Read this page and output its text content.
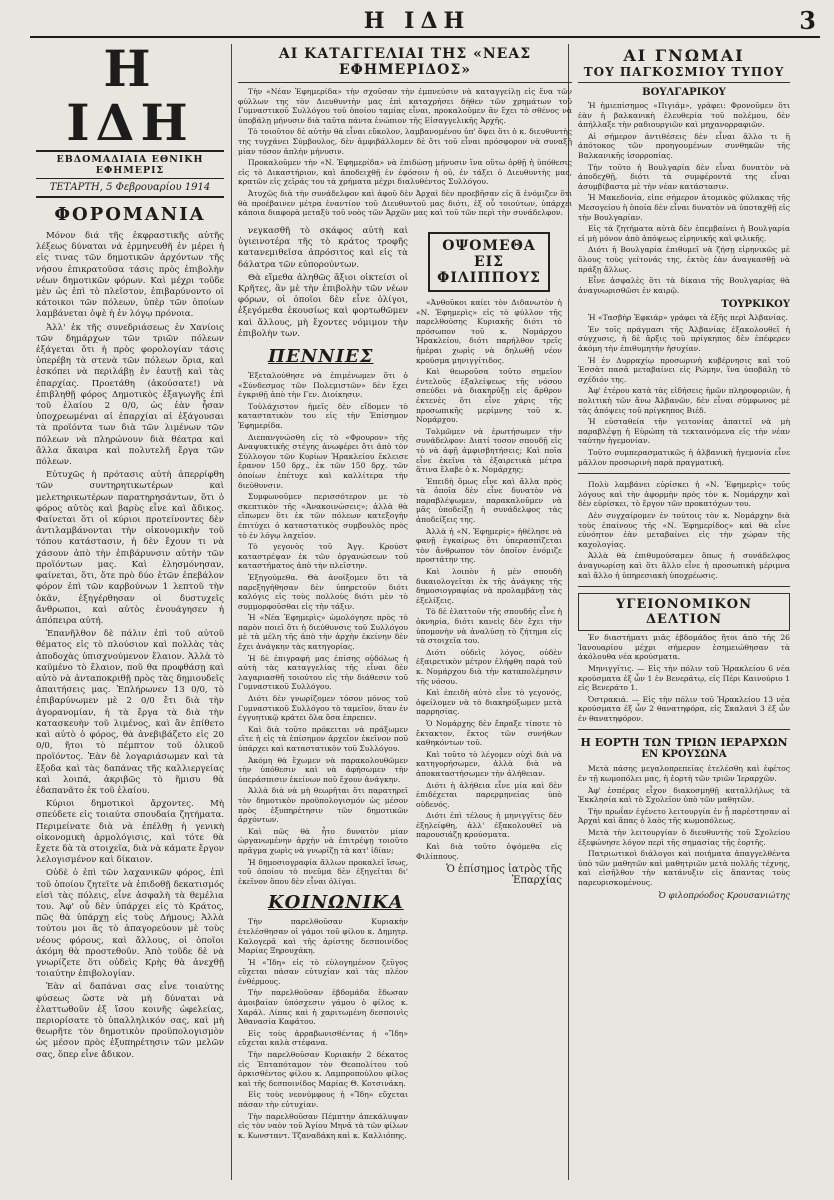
Η ΙΔΗ	3
Η ΙΔΗ
ΕΒΔΟΜΑΔΙΑΙΑ ΕΘΝΙΚΗ ΕΦΗΜΕΡΙΣ
ΤΕΤΑΡΤΗ, 5 Φεβρουαρίου 1914
ΦΟΡΟΜΑΝΙΑ

Μόνον διά τῆς ἐκφραστικῆς αὐτῆς λέξεως δύναται νά ἑρμηνευθῆ ἐν μέρει ἡ εἰς τινας τῶν δημοτικῶν ἀρχόντων τῆς νήσου ἐπικρατοῦσα τάσις πρὸς ἐπιβολὴν νέων δημοτικῶν φόρων. Καὶ μέχρι τοῦδε μὲν ὡς ἐπὶ τὸ πλεῖστον, ἐπιβαρύνοντο οἱ κάτοικοι τῶν πόλεων, ὑπὲρ τῶν ὁποίων λαμβάνεται ὀψὲ ἡ ἐν λόγῳ πρόνοια.

Ἀλλ' ἐκ τῆς συνεδριάσεως ἐν Χανίοις τῶν δημάρχων τῶν τριῶν πόλεων ἐξάγεται ὅτι ἡ πρὸς φορολογίαν τάσις ὑπερέβη τὰ στενὰ τῶν πόλεων ὅρια, καὶ ἐσκόπει νὰ περιλάβῃ ἐν ἑαυτῇ καὶ τὰς ἐπαρχίας. Προετάθη (ἀκούσατε!) νὰ ἐπιβληθῇ φόρος Δημοτικὸς ἐξαγωγῆς ἐπὶ τοῦ ἐλαίου 2 0/0, ὡς ἐὰν ἦσαν ὑποχρεωμέναι αἱ ἐπαρχίαι αἱ ἐξάγουσαι τὰ προϊόντα των διὰ τῶν λιμένων τῶν πόλεων νὰ πληρώνουν διὰ θέατρα καὶ ἄλλα ἄκαιρα καὶ πολυτελῆ ἔργα τῶν πόλεων.

Εὐτυχῶς ἡ πρότασις αὐτὴ ἀπερρίφθη τῶν συντηρητικωτέρων καὶ μελετηρικωτέρων παρατηρησάντων, ὅτι ὁ φόρος αὐτὸς καὶ βαρὺς εἶνε καὶ ἄδικος. Φαίνεται ὅτι οἱ κύριοι προτείνοντες δὲν ἀντιλαμβάνονται τὴν οἰκονομικὴν τοῦ τόπου κατάστασιν, ἡ δὲν ἔχουν τι νὰ χάσουν ἀπὸ τὴν ἐπιβάρυνσιν αὐτὴν τῶν προϊόντων μας. Καὶ ἐλησμόνησαν, φαίνεται, ὅτι, ὅτε πρὸ δύο ἐτῶν ἐπεβάλον φόρον ἐπὶ τῶν καρβούνων 1 λεπτοῦ τὴν ὀκᾶν, ἐξηγέρθησαν οἱ δυστυχεῖς ἄνθρωποι, καὶ αὐτὸς ἐνουάγησεν ἡ ἀπόπειρα αὐτή.

Ἐπανῆλθον δὲ πάλιν ἐπὶ τοῦ αὐτοῦ θέματος εἰς τὸ πλούσιον καὶ πολλὰς τὰς ἀποδοχὰς ὑπισχνούμενον ἔλαιον. Ἀλλὰ τὸ καϋμένο τὸ ἔλαιον, ποῦ θα προφθάσῃ καὶ αὐτὸ νὰ ἀνταποκριθῇ πρὸς τὰς δημιουδεῖς ἀπαιτήσεις μας. Ἐπλήρωνεν 13 0/0, τὸ ἐπιβαρύνωμεν μὲ 2 0/0 ἔτι διὰ τὴν ἀγορανομίαν, ἡ τὰ ἔργα τὰ διὰ τὴν κατασκευὴν τοῦ λιμένος, καὶ ἂν ἐπίθετο καὶ αὐτὸ ὁ φόρος, θὰ ἀνεβιβάζετο εἰς 20 0/0, ἤτοι τὸ πέμπτον τοῦ ὁλικοῦ προϊόντος. Ἐὰν δὲ λογαριάσωμεν καὶ τὰ ἔξοδα καὶ τὰς δαπάνας τῆς καλλιεργείας καὶ λοιπά, ἀκριβῶς τὸ ἥμισυ θὰ ἐδαπανᾶτο ἐκ τοῦ ἐλαίου.

Κύριοι δημοτικοὶ ἄρχοντες. Μὴ σπεύδετε εἰς τοιαύτα σπουδαία ζητήματα. Περιμείνατε διὰ νὰ ἐπέλθῃ ἡ γενικὴ οἰκονομικὴ ἁρμολόγισις, καὶ τότε θὰ ἔχετε δὰ τὰ στοιχεῖα, διὰ νὰ κάματε ἔργον λελογισμένον καὶ δίκαιον.

Οὐδὲ ὁ ἐπὶ τῶν λαχανικῶν φόρος, ἐπὶ τοῦ ὁποίου ζητεῖτε νὰ ἐπιδοθῇ δεκατισμός εἰσὶ τὰς πόλεις, εἶνε ἀσφαλὴ τὰ θεμέλια του. Ἀφ' οὗ δὲν ὑπάρχει εἰς τὸ Κράτος, πῶς θὰ ὑπάρχῃ εἰς τοὺς Δήμους; Ἀλλὰ τούτου μοι ἂς τὸ ἀπαγορεύουν μὲ τοὺς νέους φόρους, καὶ ἄλλους, οἱ ὁποῖοι ἀκόμη θὰ προστεθοῦν. Ἀπὸ τοῦδε δὲ νὰ γνωρίζετε ὅτι οὐδεὶς Κρὴς θὰ ἀνεχθῇ τοιαύτην ἐπιβολογίαν.

Ἐὰν αἱ δαπάναι σας εἶνε τοιαύτης φύσεως ὥστε νὰ μὴ δύναται νὰ ἐλαττωθοῦν ἐξ ἴσου κοινῆς ὠφελείας, περιορίσατε τὸ ὑπαλληλικόν σας, καὶ μὴ θεωρῆτε τὸν δημοτικὸν προϋπολογισμὸν ὡς μέσον πρὸς ἐξυπηρέτησιν τῶν μελῶν σας, ὅπερ εἶνε ἄδικον.

ΑΙ ΚΑΤΑΓΓΕΛΙΑΙ ΤΗΣ «ΝΕΑΣ ΕΦΗΜΕΡΙΔΟΣ»

Τὴν «Νέαν Ἐφημερίδα» τὴν σχοῦσαν τὴν ἐμπνεύσιν νὰ καταγγείλῃ εἰς ἕνα τῶν φύλλων της τὸν Διευθυντὴν μας ἐπὶ καταχρήσει δήθεν τῶν χρημάτων τοῦ Γυμναστικοῦ Συλλόγου τοῦ ὁποίου ταμίας εἶναι, προκαλοῦμεν ἂν ἔχει τὸ σθένος νὰ ὑποβάλῃ μήνυσιν διὰ ταῦτα πάντα ἐνώπιον τῆς Εἰσαγγελικῆς Ἀρχῆς.

Τὸ τοιοῦτον δὲ αὐτὴν θὰ εἶναι εὔκολον, λαμβανομένου ὑπ' ὄψει ὅτι ὁ κ. διευθυντὴς της τυγχάνει Σύμβουλος, δὲν ἀμφιβάλλομεν δὲ ὅτι τοῦ εἶναι πρόσφορον νὰ συναξῇ μίαν τόσον ἁπλὴν μήνυσιν.

Προκαλοῦμεν τὴν «Ν. Ἐφημερίδα» νὰ ἐπιδώσῃ μήνυσιν ἵνα οὕτω ὀρθῇ ἡ ὑπόθεσις εἰς τὸ Δικαστήριον, καὶ ἀποδειχθῇ ἐν ἐφόσοιν ἡ οὐ, ἐν τάξει ὁ Διευθυντὴς μας, κρατῶν εἰς χεῖράς του τὰ χρήματα μέχρι διαλυθέντος Συλλόγου.

Ἀτυχῶς διὰ τὴν συνάδελφον καὶ ἀφοῦ δὲν Ἀρχαὶ δὲν προεβῆσαν εἰς ἃ ἐνόμιζεν ὅτι θὰ προέβαινεν μέτρα ἐναντίον τοῦ Διευθυντοῦ μας διότι, ἐξ οὗ τοιούτων, ὑπάρχει κάποια διαφορὰ μεταξὺ τοῦ νοὸς τῶν Ἀρχῶν μας καὶ τοῦ τῶν περὶ τὴν συνάδελφον.

νεγκασθῆ τὸ σκάφος αὐτὴ καὶ ὑγιεινοτέρα τῆς τὸ κράτος τροφῆς κατανεμιθεῖσα ἀπρόσιτος καὶ εἰς τὰ δάλατρα τῶν εὐπορούντων.

Θὰ εἴμεθα ἀληθῶς ἄξιοι οἰκτείσι οἱ Κρῆτες, ἂν μὲ τὴν ἐπιβολὴν τῶν νέων φόρων, οἱ ὁποῖοι δὲν εἶνε ὀλίγοι, ἐξεγόμεθα ἑκουσίως καὶ φορτωθῶμεν καὶ ἄλλους, μὴ ἔχοντες νόμιμον τὴν ἐπιβολὴν των.

ΠΕΝΝΙΕΣ

Ἐξεταλούθησε νὰ ἐπιμένωμεν ὅτι ὁ «Σύνδεσμος τῶν Πολεμιστῶν» δὲν ἔχει ἐγκριθῇ ἀπὸ τὴν Γεν. Διοίκησιν.

Τοὐλάχιστον ἡμεῖς δὲν εἴδομεν τὸ καταστατικὸν του εἰς τὴν Ἐπίσημον Ἐφημερίδα.

Διεπανγνώσθη εἰς τὸ «Φρουρον» τῆς Αναψυκτικῆς στέγης ἀνωφέρει ὅτι ἀπὸ τὸν Σύλλογον τῶν Κυρίων Ἠρακλείου ἔκλεισε ἔρανον 150 δρχ., ἐκ τῶν 150 δρχ. τῶν ὁποίων ἐπέτυχε καὶ καλλίτερα τὴν διεύθυνσιν.

Συμφωνοῦμεν περισσότερον με τὸ σκεπτικὸν τῆς «Ἀνακοινώσεις»; ἀλλὰ θὰ εἴπωμεν ὅτι ἐκ τῶν πόλεων κατεξογὴν ἐπιτύχει ὁ καταστατικὸς συμβουλὸς πρὸς τὸ ἐν λόγῳ λαχεῖον.

Τὸ γεγονὸς τοῦ Ἀγγ. Κρούστ καταστρέψαν ἐκ τῶν ὀργανώσεων τοῦ καταστήματος ἀπὸ τὴν πλεῖστην.

Ἐξηγούμεθα. Θὰ ἀνοίξομεν ὅτι τὰ παρεξηγήθησαν δὲν ὑπηρετοῦν διότι καλόγις εἰς τοὺς πολλοὺς διότι μὲν τὸ συμμορφοῦσθαι εἰς τὴν τάξιν.

Ἡ «Νέα Ἐφημερὶς» ὠμολόγησε πρὸς τὸ παρὸν ποιεῖ ὅτι ἡ διεύθυνσις τοῦ Συλλόγου μὲ τὰ μέλη τῆς ἀπὸ τὴν ἀρχὴν ἐκείνην δὲν ἔχει ἀνάγκην τὰς κατηγορίας.

Ἡ δὲ ἐπιγραφή μας ἐπίσης οὐδόλως ἡ αὐτὴ τὰς καταγγελίας τῆς εἶναι δὲν λαγαριασθῆ τοιούτου εἰς τὴν διάθεσιν τοῦ Γυμναστικοῦ Συλλόγου.

Διότι δὲν γνωρίζομεν τόσον μόνος τοῦ Γυμναστικοῦ Συλλόγου τὸ ταμεῖον, ὅταν ἐν ἐγγυητικῷ κράτει ὅλα ὅσα ἐπρεπεν.

Καὶ διὰ τοῦτο πρόκειται νὰ πράξωμεν εἴτε ἡ εἰς τὰ ἐπίσημον ἀρχεῖον ἐκεῖνον ποῦ ὑπάρχει καὶ καταστατικὸν τοῦ Συλλόγου.

Ἀκόμη θὰ ἔχωμεν νὰ παρακολουθῶμεν τὴν ὑπόθεσιν καὶ νὰ ἀφήσωμεν τὴν ὑπεράσπισιν ἐκείνων ποῦ ἔχουν ἀνάγκην.

Ἀλλὰ διὰ νὰ μὴ θεωρῆται ὅτι παρατηρεῖ τὸν δημοτικὸν προϋπολογισμόν ὡς μέσον πρὸς ἐξυπηρέτησιν τῶν δημοτικῶν ἀρχόντων.

Καὶ πῶς θὰ ἦτο δυνατὸν μίαν ὠργανωμένην ἀρχὴν νὰ ἐπιτρέψῃ τοιοῦτο πρᾶγμα χωρὶς νὰ γνωρίζῃ τὰ κατ' ἰδίαν;

Ἡ δημοσιογραφία ἄλλων προκαλεῖ ἴσως, τοῦ ὁποίου τὸ πνεῦμα δὲν ἐξηγεῖται δι' ἐκεῖνον ὅπου δὲν εἶναι ὀλίγαι.

ΚΟΙΝΩΝΙΚΑ

Τὴν παρελθοῦσαν Κυριακὴν ἐτελέσθησαν οἱ γάμοι τοῦ φίλου κ. Δημητρ. Καλογερᾶ καὶ τῆς ἀρίστης δεσποινίδος Μαρίας Ξηρουχάκη.

Ἡ «Ἴδη» εἰς τὸ εὐλογημένον ζεῦγος εὔχεται πάσαν εὐτυχίαν καὶ τὰς πλέον ἐνθέρμους.

Τὴν παρελθοῦσαν ἑβδομάδα ἔδωσαν ἀμοιβαίαν ὑπόσχεσιν γάμου ὁ φίλος κ. Χαράλ. Λίπας καὶ ἡ χαριτωμένη δεσποινὶς Ἀθανασία Καφάτου.

Εἰς τοὺς ἀρραβωνισθέντας ἡ «Ἴδη» εὔχεται καλὰ στέφανα.

Τὴν παρελθοῦσαν Κυριακὴν 2 δέκατος εἰς Ἑπταπόταμον τὸν Θεοπολίτου τοῦ ὁρκισθέντος φίλου κ. Λαμπροπούλου φίλος καὶ τῆς δεσποινίδος Μαρίας Θ. Κοτσινάκη.

Εἰς τοὺς νεονύμφους ἡ «Ἴδη» εὔχεται πάσαν τὴν εὐτυχίαν.

Τὴν παρελθοῦσαν Πέμπτην ἀπεκάλυψαν εἰς τὸν ναὸν τοῦ Ἁγίου Μηνᾶ τὰ τῶν φίλων κ. Κωνσταντ. Τζαναδάκη καὶ κ. Καλλιόπης.

ΟΨΟΜΕΘΑ ΕΙΣ ΦΙΛΙΠΠΟΥΣ

«Ἀνθοῦκοι καίει τὸν Διδανωτὸν ἡ «Ν. Ἐφημερὶς» εἰς τὸ φύλλον τῆς παρελθούσης Κυριακῆς διότι τὸ πρόσωπον τοῦ κ. Νομάρχου Ἡρακλείου, διότι παρήλθον τρεῖς ἡμέραι χωρὶς νὰ δηλωθῇ νέον κρούσμα μηνιγγίτιδος.

Καὶ θεωροῦσα τοῦτο σημεῖον ἐντελοῦς ἐξαλείψεως τῆς νόσου σπεύδει νὰ διακηρύξῃ εἰς ἄρθρον ἐκτενὲς ὅτι εἶνε χάρις τῆς προσωπικῆς μερίμνης τοῦ κ. Νομάρχου.

Τολμῶμεν νὰ ἐρωτήσωμεν τὴν συνάδελφον: Διατί τοσον σπουδῇ εἰς τὸ νὰ ἀφῇ ἀμφισβητήσεις; Καὶ ποῖα εἶνε ἐκεῖνα τὰ ἐξαιρετικὰ μέτρα ἅτινα ἔλαβε ὁ κ. Νομάρχης;

Ἐπειδὴ ὅμως εἶνε καὶ ἄλλα πρὸς τὰ ὁποῖα δὲν εἶνε δυνατὸν νὰ παραβλέψωμεν, παρακαλοῦμεν νὰ μᾶς ὑποδείξῃ ἡ συνάδελφος τὰς ἀποδείξεις της.

Ἀλλὰ ἡ «Ν. Ἐφημερίς» ἠθέλησε νὰ φανῇ ἐγκαίρως ὅτι ὑπερασπίζεται τὸν ἄνθρωπον τὸν ὁποῖον ἐνόμιζε προστάτην της.

Καὶ λοιπὸν ἡ μὲν σπουδὴ δικαιολογεῖται ἐκ τῆς ἀνάγκης τῆς δημοσιογραφίας νὰ προλαμβάνῃ τὰς ἐξελίξεις.

Τὸ δὲ ἐλαττοῦν τῆς σπουδῆς εἶνε ἡ ὁκνηρία, διότι κανεὶς δὲν ἔχει τὴν ὑπομονὴν νὰ ἀναλύσῃ τὸ ζήτημα εἰς τὰ στοιχεῖα του.

Διότι οὐδεὶς λόγος, οὐδὲν ἐξαιρετικὸν μέτρον ἐλήφθη παρὰ τοῦ κ. Νομάρχου διὰ τὴν καταπολέμησιν τῆς νόσου.

Καὶ ἐπειδὴ αὐτὸ εἶνε τὸ γεγονός, ὁφείλομεν νὰ τὸ διακηρύξωμεν μετὰ παρρησίας.

Ὁ Νομάρχης δὲν ἔπραξε τίποτε τὸ ἔκτακτον, ἔκτος τῶν συνήθων καθηκόντων τοῦ.

Καὶ τοῦτο τὸ λέγομεν οὐχὶ διὰ νὰ κατηγορήσωμεν, ἀλλὰ διὰ νὰ ἀποκαταστήσωμεν τὴν ἀλήθειαν.

Διότι ἡ ἀλήθεια εἶνε μία καὶ δὲν ἐπιδέχεται παρερμηνείας ὑπὸ οὐδενός.

Διότι ἐπὶ τέλους ἡ μηνιγγῖτις δὲν ἐξηλείφθη, ἀλλ' ἐξακολουθεῖ νὰ παρουσιάζῃ κρούσματα.

Καὶ διὰ τοῦτο ὀψόμεθα εἰς Φιλίππους.

Ὁ ἐπίσημος ἰατρὸς τῆς Ἐπαρχίας
ΑΙ ΓΝΩΜΑΙ
ΤΟΥ ΠΑΓΚΟΣΜΙΟΥ ΤΥΠΟΥ
ΒΟΥΛΓΑΡΙΚΟΥ

Ἡ ἡμιεπίσημος «Πιγιάμ», γράφει: Φρονοῦμεν ὅτι ἐὰν ἡ βαλκανικὴ ἐλευθερία τοῦ πολέμου, δὲν ἀπήλλαξε τὴν ραδιουργιῶν καὶ μηχανορραφιῶν.

Αἱ σήμερον ἀντιθέσεις δὲν εἶναι ἄλλο τι ἢ ἀπότοκος τῶν προηγουμένων συνθηκῶν τῆς Βαλκανικῆς ἰσορροπίας.

Τὴν τοῦτο ἡ Βουλγαρία δὲν εἶναι δυνατὸν νὰ ἀποδεχθῇ, διότι τὰ συμφέροντά της εἶναι ἀσυμβίβαστα μὲ τὴν νέαν κατάστασιν.

Ἡ Μακεδονία, εἰπε σήμερον ἀτομικὸς φύλακας τῆς Μεσογείου ἡ ὁποία δὲν εἶναι δυνατὸν νὰ ὑποταχθῇ εἰς τὴν Βουλγαρίαν.

Εἰς τὰ ζητήματα αὐτὰ δὲν ἐπεμβαίνει ἡ Βουλγαρία εἰ μὴ μόνον ἀπὸ ἀπόψεως εἰρηνικῆς καὶ φιλικῆς.

Διότι ἡ Βουλγαρία ἐπιθυμεῖ νὰ ζήσῃ εἰρηνικῶς μὲ ὅλους τοὺς γείτονάς της, ἐκτὸς ἐὰν ἀναγκασθῇ νὰ πράξῃ ἄλλως.

Εἶνε ἀσφαλὲς ὅτι τὰ δίκαια τῆς Βουλγαρίας θὰ ἀναγνωρισθῶσι ἐν καιρῷ.

ΤΟΥΡΚΙΚΟΥ

Ἡ «Τασβὴρ Ἐφκιάρ» γράφει τὰ ἑξῆς περὶ Ἀλβανίας.

Ἐν τοῖς πράγμασι τῆς Ἀλβανίας ἐξακολουθεῖ ἡ σύγχυσις, ἡ δὲ ἄρξις τοῦ πρίγκηπος δὲν ἐπέφερεν ἀκόμη τὴν ἐπιθυμητὴν ἡσυχίαν.

Ἡ ἐν Δυρραχίῳ προσωρινὴ κυβέρνησις καὶ τοῦ Ἐσσὰτ πασᾶ μεταβαίνει εἰς Ρώμην, ἵνα ὑποβάλῃ τὸ σχέδιόν της.

Ἀφ' ἑτέρου κατὰ τὰς εἰδήσεις ἡμῶν πληροφοριῶν, ἡ πολιτικὴ τῶν ἄνω Ἀλβανῶν, δὲν εἶναι σύμφωνος μὲ τὰς ἀπόψεις τοῦ πρίγκηπος Βιέδ.

Ἡ εὐσταθεία τῆν γειτονίας ἀπαιτεῖ νὰ μὴ παραβλέψῃ ἡ Εὐρώπη τὰ τεκταινόμενα εἰς τὴν νέαν ταύτην ἡγεμονίαν.

Τοῦτο συμπερασματικῶς ἡ ἀλβανικὴ ἡγεμονία εἶνε μᾶλλον προσωρινὴ παρὰ πραγματική.

Πολὺ λαμβάνει εὐρίσκει ἡ «Ν. Ἐφημερὶς» τοῦς λόγους καὶ τὴν ἀφορμὴν πρὸς τὸν κ. Νομάρχην καὶ δὲν εὐρίσκει, τὸ ἔργον τῶν προκατόχων του.

Δὲν συγχαίρομεν ἐν τούτοις τὸν κ. Νομάρχην διὰ τοὺς ἐπαίνους τῆς «Ν. Ἐφημερίδος» καὶ θὰ εἶνε εὐνόητον ἐὰν μεταβαίνει εἰς τὴν χώραν τῆς καχολογίας.

Ἀλλὰ θὰ ἐπιθυμούσαμεν ὅπως ἡ συνάδελφος ἀναγνωρίσῃ καὶ ὅτι ἄλλο εἶνε ἡ προσωπικὴ μέριμνα καὶ ἄλλο ἡ ὑπηρεσιακὴ ὑποχρέωσις.

ΥΓΕΙΟΝΟΜΙΚΟΝ ΔΕΛΤΙΟΝ

Ἐν διαστήματι μιᾶς ἑβδομάδος ἤτοι ἀπὸ τῆς 26 Ἰανουαρίου μέχρι σήμερον ἐσημειώθησαν τὰ ἀκόλουθα νέα κρούσματα.

Μηνιγγῖτις. — Εἰς τὴν πόλιν τοῦ Ἡρακλείου 6 νέα κρούσματα ἐξ ὧν 1 ἐν Βενεράτῳ, εἰς Πέρι Καινούριο 1 εἰς Βενεράτο 1.

Ὀστρακιά. — Εἰς τὴν πόλιν τοῦ Ἡρακλείου 13 νέα κρούσματα ἐξ ὧν 2 θανατηφόρα, εἰς Σκαλανὶ 3 ἐξ ὧν ἐν θανατηφόρον.

Η ΕΟΡΤΗ ΤΩΝ ΤΡΙΩΝ ΙΕΡΑΡΧΩΝ
ΕΝ ΚΡΟΥΣΩΝΑ

Μετὰ πάσης μεγαλοπρεπείας ἐτελέσθη καὶ ἐφέτος ἐν τῇ κωμοπόλει μας, ἡ ἑορτὴ τῶν τριῶν Ἱεραρχῶν.

Ἀφ' ἑσπέρας εἶχον διακοσμηθῇ καταλλήλως τὰ Ἐκκλησία καὶ τὸ Σχολεῖον ὑπὸ τῶν μαθητῶν.

Τὴν πρωΐαν ἐγένετο λειτουργία ἐν ᾗ παρέστησαν αἱ Ἀρχαὶ καὶ ἅπας ὁ λαὸς τῆς κωμοπόλεως.

Μετὰ τὴν λειτουργίαν ὁ διευθυντὴς τοῦ Σχολείου ἐξεφώνησε λόγον περὶ τῆς σημασίας τῆς ἑορτῆς.

Πατριωτικοὶ διάλογοι καὶ ποιήματα ἀπαγγελθέντα ὑπὸ τῶν μαθητῶν καὶ μαθητριῶν μετὰ πολλῆς τέχνης, καὶ εἰσῆλθον τὴν κατάνυξιν εἰς ἅπαντας τοὺς παρευρισκομένους.

Ὁ φιλοπρόοδος Κρουσανιώτης
